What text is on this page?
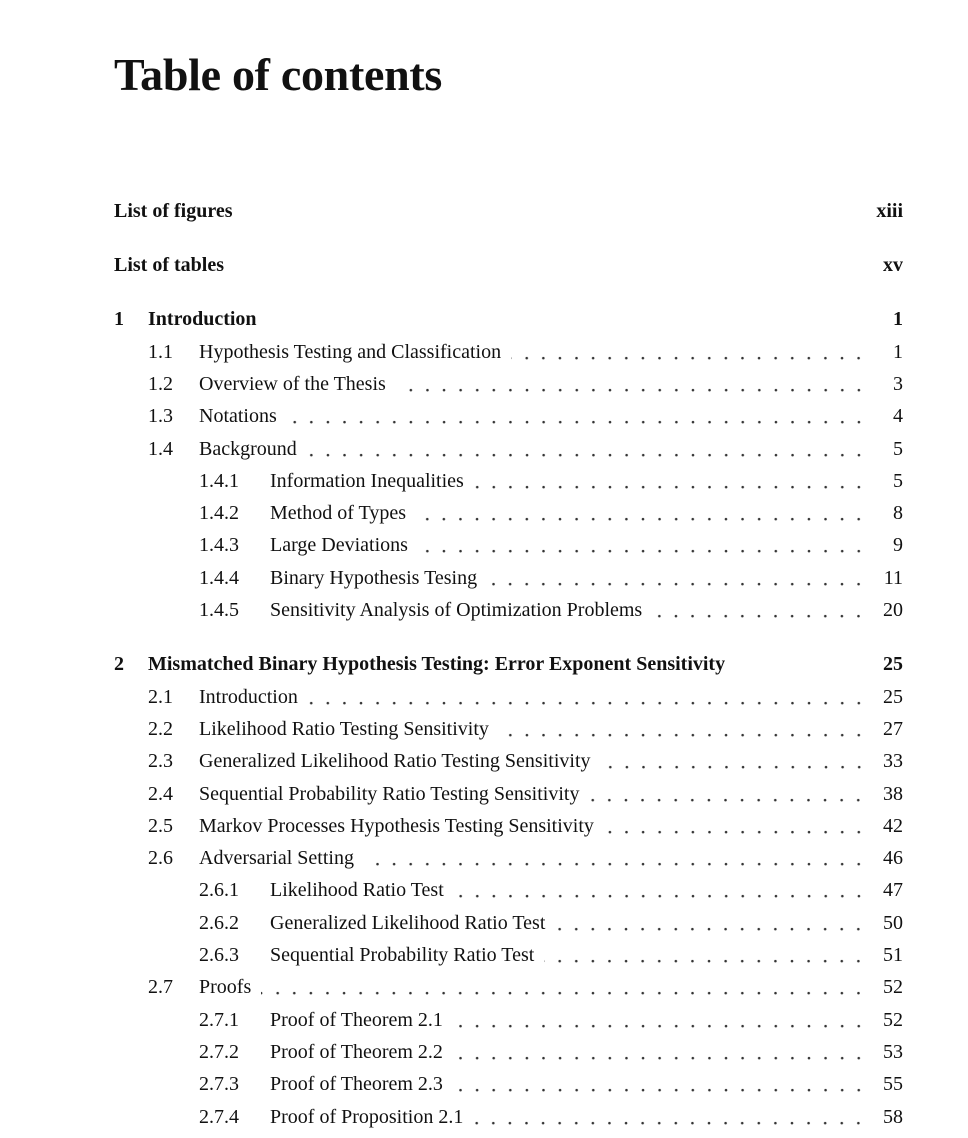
Table of contents
List of figures	xiii
List of tables	xv
1	Introduction	1
1.1	Hypothesis Testing and Classification	1
1.2	Overview of the Thesis	3
1.3	Notations	4
1.4	Background	5
1.4.1	Information Inequalities	5
1.4.2	Method of Types	8
1.4.3	Large Deviations	9
1.4.4	Binary Hypothesis Tesing	11
1.4.5	Sensitivity Analysis of Optimization Problems	20
2	Mismatched Binary Hypothesis Testing: Error Exponent Sensitivity	25
2.1	Introduction	25
2.2	Likelihood Ratio Testing Sensitivity	27
2.3	Generalized Likelihood Ratio Testing Sensitivity	33
2.4	Sequential Probability Ratio Testing Sensitivity	38
2.5	Markov Processes Hypothesis Testing Sensitivity	42
2.6	Adversarial Setting	46
2.6.1	Likelihood Ratio Test	47
2.6.2	Generalized Likelihood Ratio Test	50
2.6.3	Sequential Probability Ratio Test	51
2.7	Proofs	52
2.7.1	Proof of Theorem 2.1	52
2.7.2	Proof of Theorem 2.2	53
2.7.3	Proof of Theorem 2.3	55
2.7.4	Proof of Proposition 2.1	58
